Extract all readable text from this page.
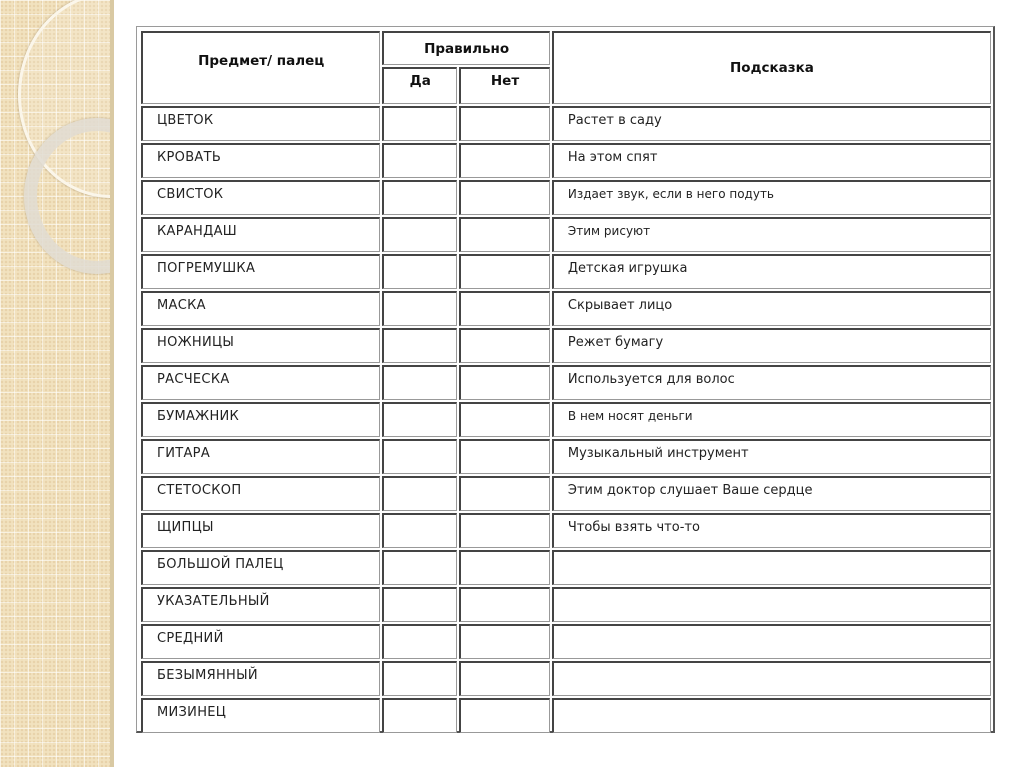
Предмет/ палец	Правильно		Подсказка
	Да	Нет	
ЦВЕТОК			Растет в саду
КРОВАТЬ			На этом спят
СВИСТОК			Издает звук, если в него подуть
КАРАНДАШ			Этим рисуют
ПОГРЕМУШКА			Детская игрушка
МАСКА			Скрывает лицо
НОЖНИЦЫ			Режет бумагу
РАСЧЕСКА			Используется для волос
БУМАЖНИК			В нем носят деньги
ГИТАРА			Музыкальный инструмент
СТЕТОСКОП			Этим доктор слушает Ваше сердце
ЩИПЦЫ			Чтобы взять что-то
БОЛЬШОЙ ПАЛЕЦ			
УКАЗАТЕЛЬНЫЙ			
СРЕДНИЙ			
БЕЗЫМЯННЫЙ			
МИЗИНЕЦ			
